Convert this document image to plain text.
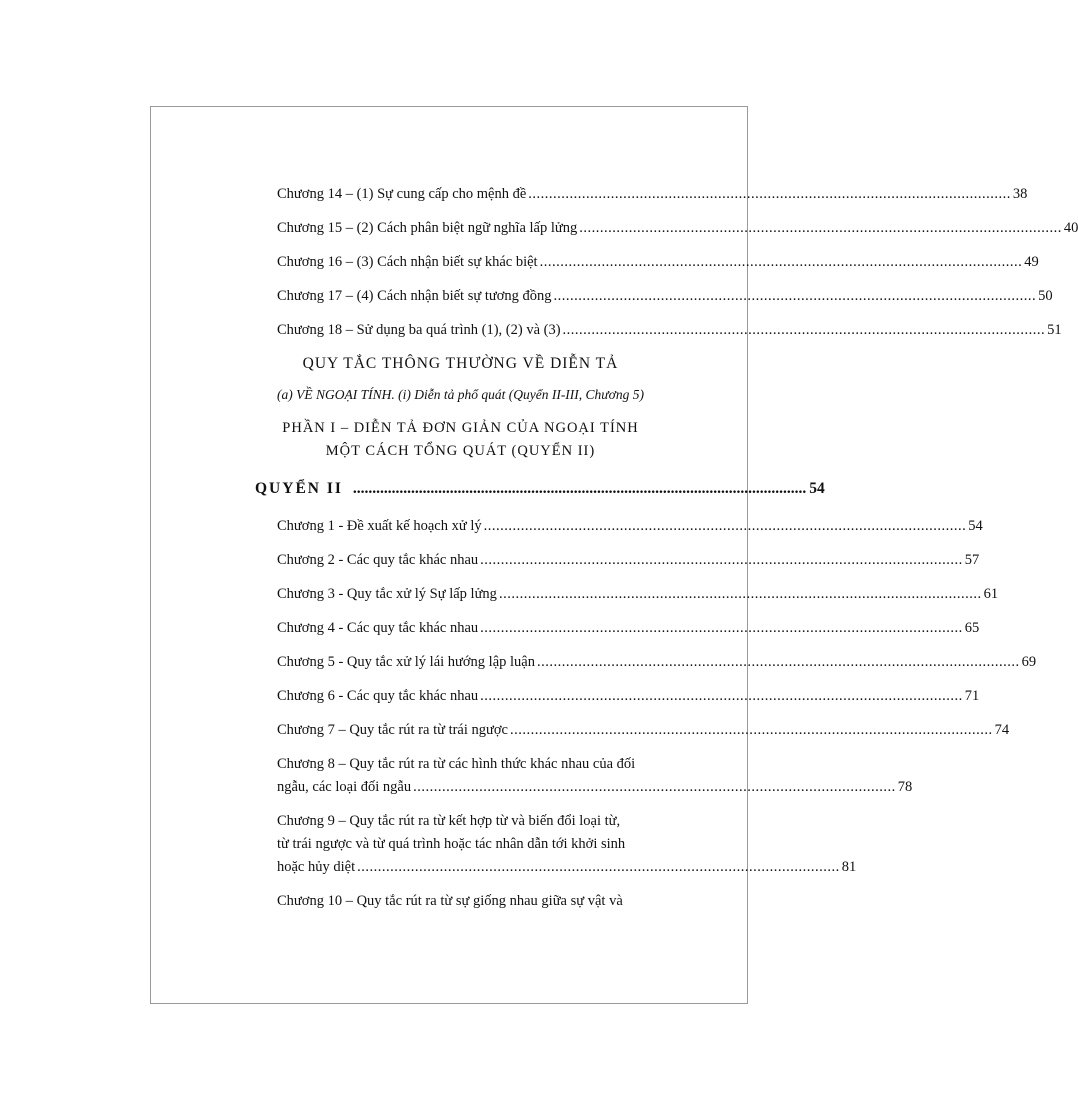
Chương 14 – (1) Sự cung cấp cho mệnh đề ..................................................................................................................... 38
Chương 15 – (2) Cách phân biệt ngữ nghĩa lấp lửng ..................................................................................................................... 40
Chương 16 – (3) Cách nhận biết sự khác biệt ..................................................................................................................... 49
Chương 17 – (4) Cách nhận biết sự tương đồng ..................................................................................................................... 50
Chương 18 – Sử dụng ba quá trình (1), (2) và (3) ..................................................................................................................... 51
QUY TẮC THÔNG THƯỜNG VỀ DIỄN TẢ
(a) VỀ NGOẠI TÍNH. (i) Diễn tả phổ quát (Quyển II-III, Chương 5)
PHẦN I – DIỄN TẢ ĐƠN GIẢN CỦA NGOẠI TÍNH
MỘT CÁCH TỔNG QUÁT (QUYỂN II)
QUYỂN II ..................................................................................................................... 54
Chương 1 - Đề xuất kế hoạch xử lý ..................................................................................................................... 54
Chương 2 - Các quy tắc khác nhau ..................................................................................................................... 57
Chương 3 - Quy tắc xử lý Sự lấp lửng ..................................................................................................................... 61
Chương 4 - Các quy tắc khác nhau ..................................................................................................................... 65
Chương 5 - Quy tắc xử lý lái hướng lập luận ..................................................................................................................... 69
Chương 6 - Các quy tắc khác nhau ..................................................................................................................... 71
Chương 7 – Quy tắc rút ra từ trái ngược ..................................................................................................................... 74
Chương 8 – Quy tắc rút ra từ các hình thức khác nhau của đối
ngẫu, các loại đối ngẫu ..................................................................................................................... 78
Chương 9 – Quy tắc rút ra từ kết hợp từ và biến đổi loại từ,
từ trái ngược và từ quá trình hoặc tác nhân dẫn tới khởi sinh
hoặc hủy diệt ..................................................................................................................... 81
Chương 10 – Quy tắc rút ra từ sự giống nhau giữa sự vật và
